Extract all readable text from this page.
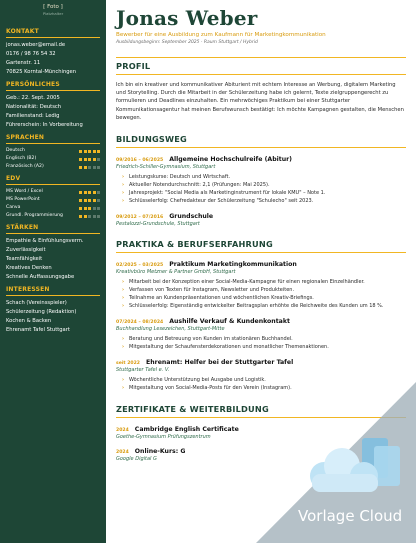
[ Foto ]
Platzhalter
KONTAKT
jonas.weber@email.de
0176 / 98 76 54 32
Gartenstr. 11
70825 Korntal-Münchingen
PERSÖNLICHES
Geb.: 22. Sept. 2005
Nationalität: Deutsch
Familienstand: Ledig
Führerschein: In Vorbereitung
SPRACHEN
Deutsch
Englisch (B2)
Französisch (A2)
EDV
MS Word / Excel
MS PowerPoint
Canva
Grundl. Programmierung
STÄRKEN
Empathie & Einfühlungsverm.
Zuverlässigkeit
Teamfähigkeit
Kreatives Denken
Schnelle Auffassungsgabe
INTERESSEN
Schach (Vereinsspieler)
Schülerzeitung (Redaktion)
Kochen & Backen
Ehrenamt Tafel Stuttgart
Jonas Weber
Bewerber für eine Ausbildung zum Kaufmann für Marketingkommunikation
Ausbildungsbeginn: September 2025 · Raum Stuttgart / Hybrid
PROFIL

Ich bin ein kreativer und kommunikativer Abiturient mit echtem Interesse an Werbung, digitalem Marketing und Storytelling. Durch die Mitarbeit in der Schülerzeitung habe ich gelernt, Texte zielgruppengerecht zu formulieren und Deadlines einzuhalten. Ein mehrwöchiges Praktikum bei einer Stuttgarter Kommunikationsagentur hat meinen Berufswunsch bestätigt: Ich möchte Kampagnen gestalten, die Menschen bewegen.

BILDUNGSWEG
09/2016 – 06/2025 Allgemeine Hochschulreife (Abitur)
Friedrich-Schiller-Gymnasium, Stuttgart
› Leistungskurse: Deutsch und Wirtschaft.
› Aktueller Notendurchschnitt: 2,1 (Prüfungen: Mai 2025).
› Jahresprojekt: "Social Media als Marketinginstrument für lokale KMU" – Note 1.
› Schlüsselerfolg: Chefredakteur der Schülerzeitung "Schulecho" seit 2023.
09/2012 – 07/2016 Grundschule
Pestalozzi-Grundschule, Stuttgart
PRAKTIKA & BERUFSERFAHRUNG
02/2025 – 03/2025 Praktikum Marketingkommunikation
Kreativbüro Metzner & Partner GmbH, Stuttgart
› Mitarbeit bei der Konzeption einer Social-Media-Kampagne für einen regionalen Einzelhändler.
› Verfassen von Texten für Instagram, Newsletter und Produkteiten.
› Teilnahme an Kundenpräsentationen und wöchentlichen Kreativ-Briefings.
› Schlüsselerfolg: Eigenständig entwickelter Beitragsplan erhöhte die Reichweite des Kunden um 18 %.
07/2024 – 08/2024 Aushilfe Verkauf & Kundenkontakt
Buchhandlung Lesezeichen, Stuttgart-Mitte
› Beratung und Betreuung von Kunden im stationären Buchhandel.
› Mitgestaltung der Schaufensterdekorationen und monatlicher Themenaktionen.
seit 2022 Ehrenamt: Helfer bei der Stuttgarter Tafel
Stuttgarter Tafel e. V.
› Wöchentliche Unterstützung bei Ausgabe und Logistik.
› Mitgestaltung von Social-Media-Posts für den Verein (Instagram).
ZERTIFIKATE & WEITERBILDUNG
2024 Cambridge English Certificate
Goethe-Gymnasium Prüfungszentrum
2024 Online-Kurs: G
Google Digital G
Vorlage Cloud
